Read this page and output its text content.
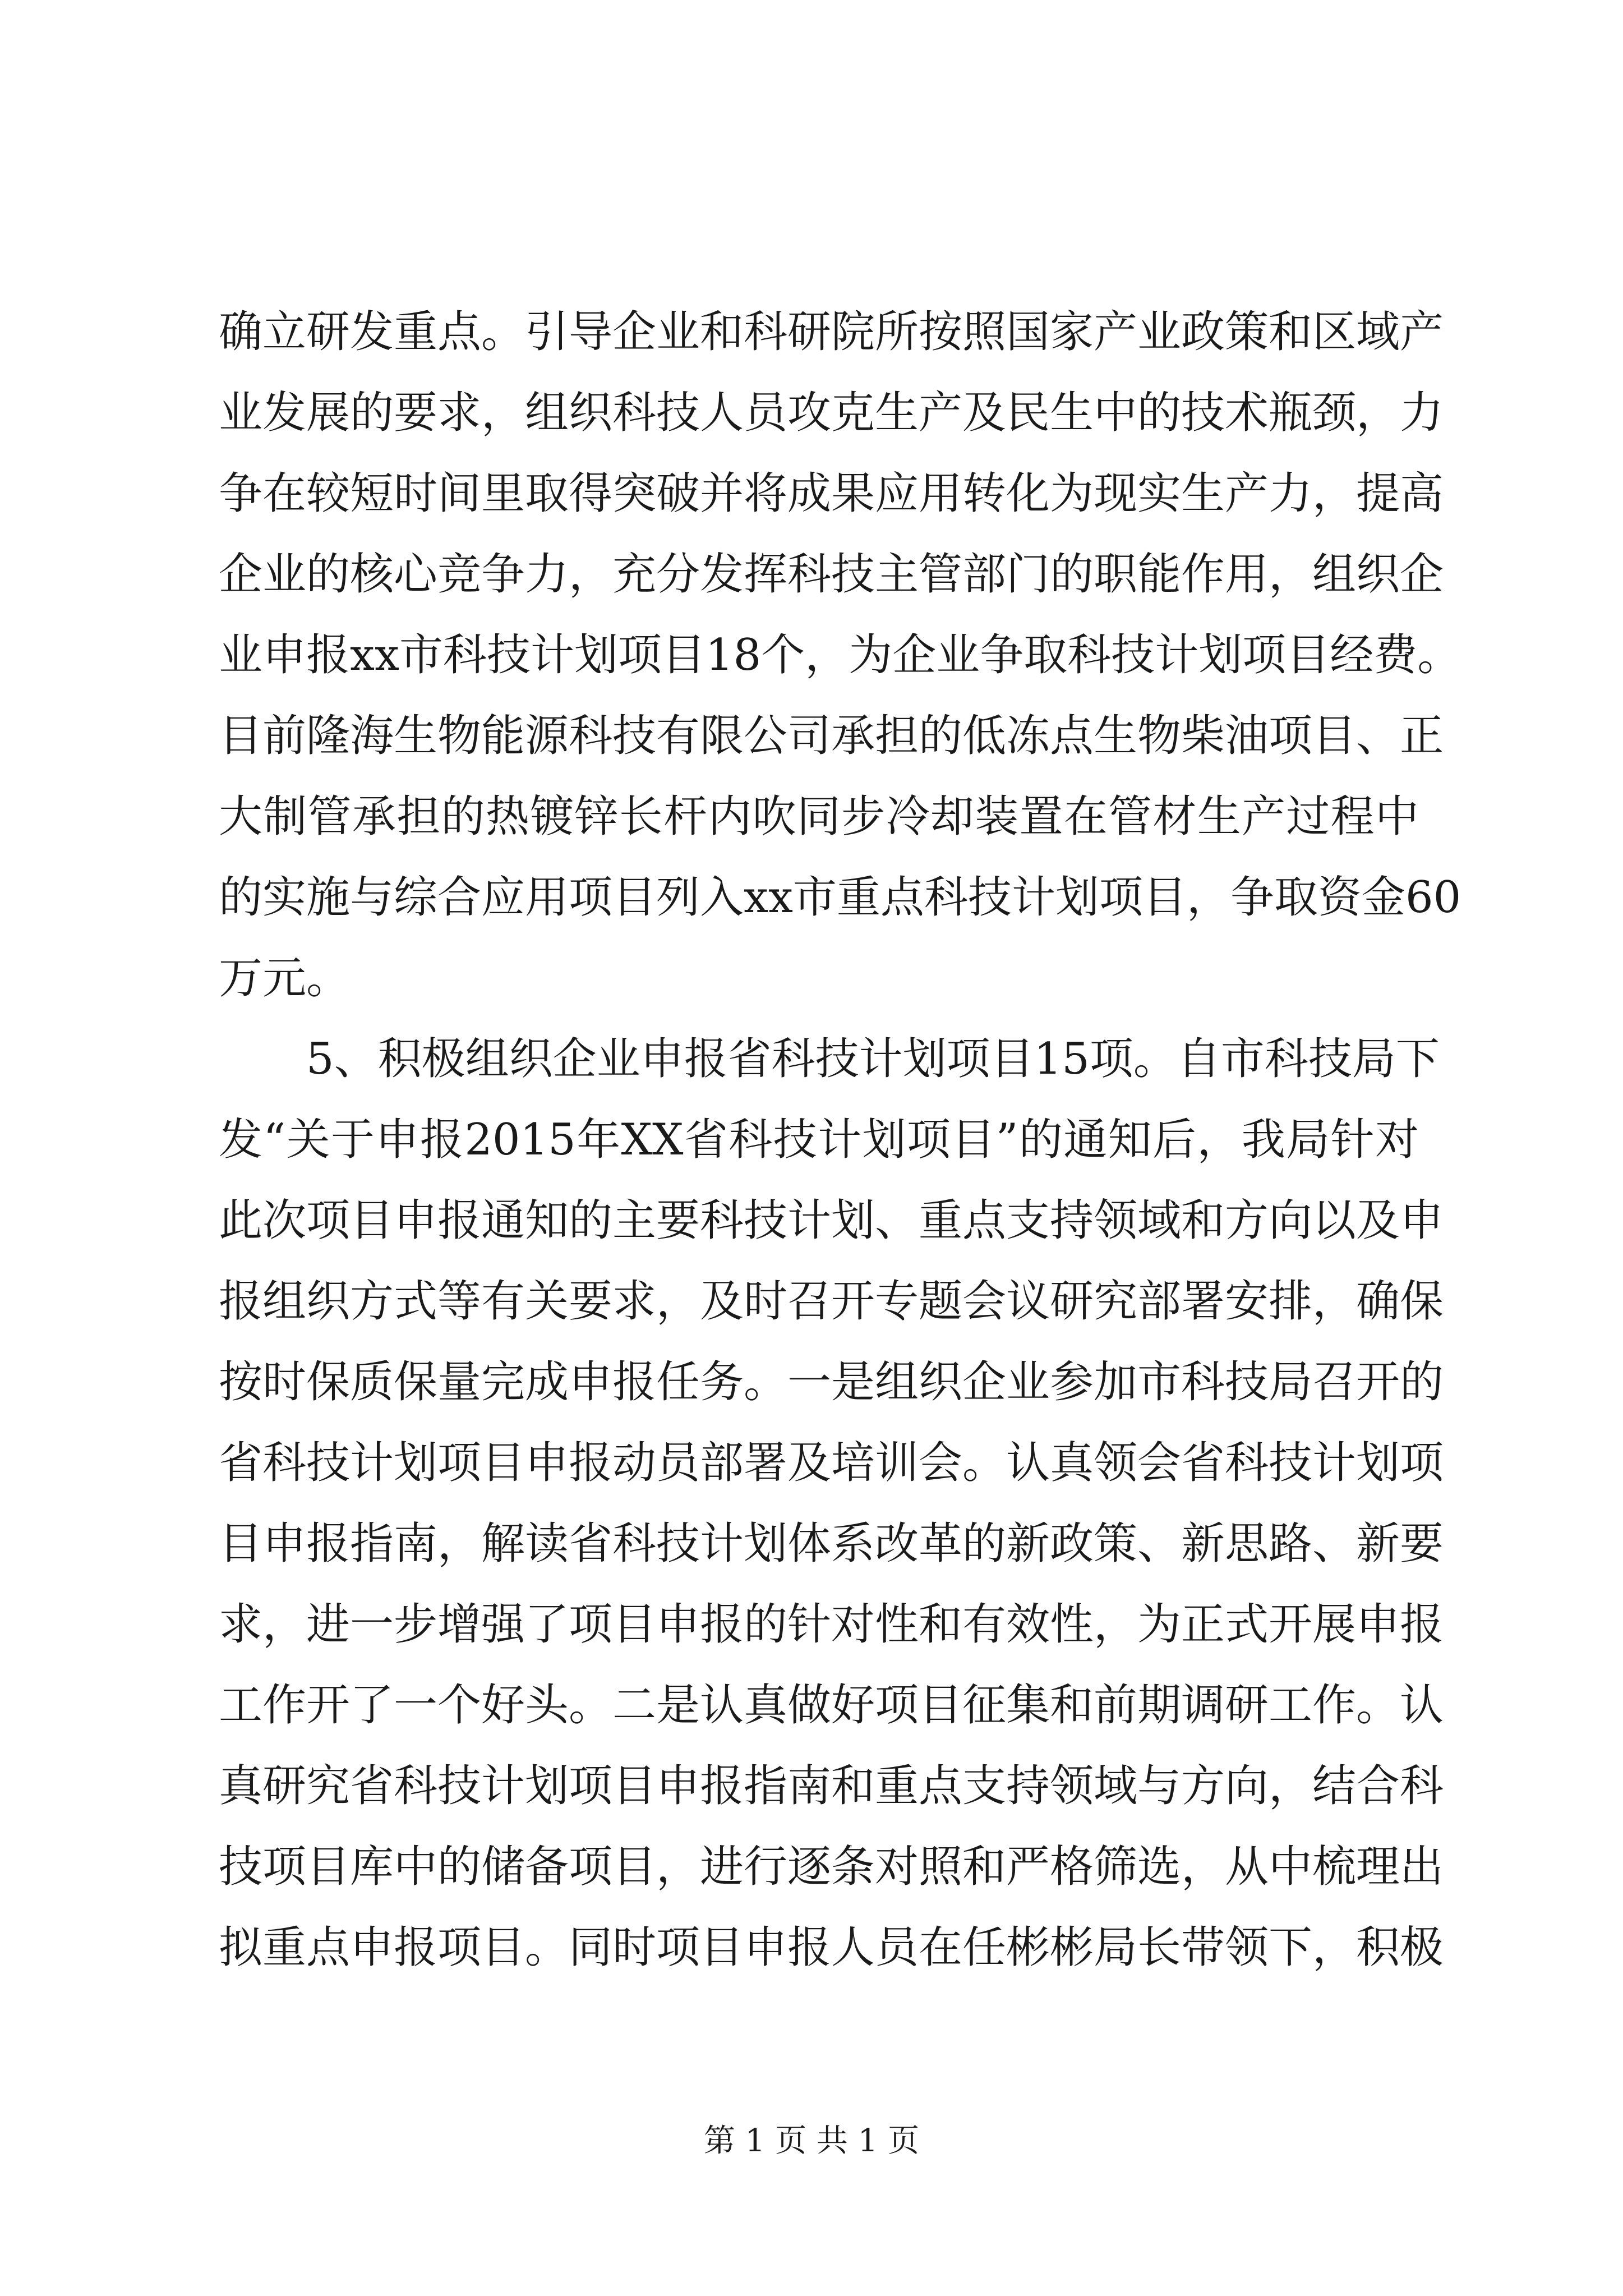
确立研发重点。引导企业和科研院所按照国家产业政策和区域产
业发展的要求，组织科技人员攻克生产及民生中的技术瓶颈，力
争在较短时间里取得突破并将成果应用转化为现实生产力，提高
企业的核心竞争力，充分发挥科技主管部门的职能作用，组织企
业申报xx市科技计划项目18个，为企业争取科技计划项目经费。
目前隆海生物能源科技有限公司承担的低冻点生物柴油项目、正
大制管承担的热镀锌长杆内吹同步冷却装置在管材生产过程中
的实施与综合应用项目列入xx市重点科技计划项目，争取资金60
万元。
5、积极组织企业申报省科技计划项目15项。自市科技局下
发“关于申报2015年XX省科技计划项目”的通知后，我局针对
此次项目申报通知的主要科技计划、重点支持领域和方向以及申
报组织方式等有关要求，及时召开专题会议研究部署安排，确保
按时保质保量完成申报任务。一是组织企业参加市科技局召开的
省科技计划项目申报动员部署及培训会。认真领会省科技计划项
目申报指南，解读省科技计划体系改革的新政策、新思路、新要
求，进一步增强了项目申报的针对性和有效性，为正式开展申报
工作开了一个好头。二是认真做好项目征集和前期调研工作。认
真研究省科技计划项目申报指南和重点支持领域与方向，结合科
技项目库中的储备项目，进行逐条对照和严格筛选，从中梳理出
拟重点申报项目。同时项目申报人员在任彬彬局长带领下，积极
第 1 页 共 1 页
